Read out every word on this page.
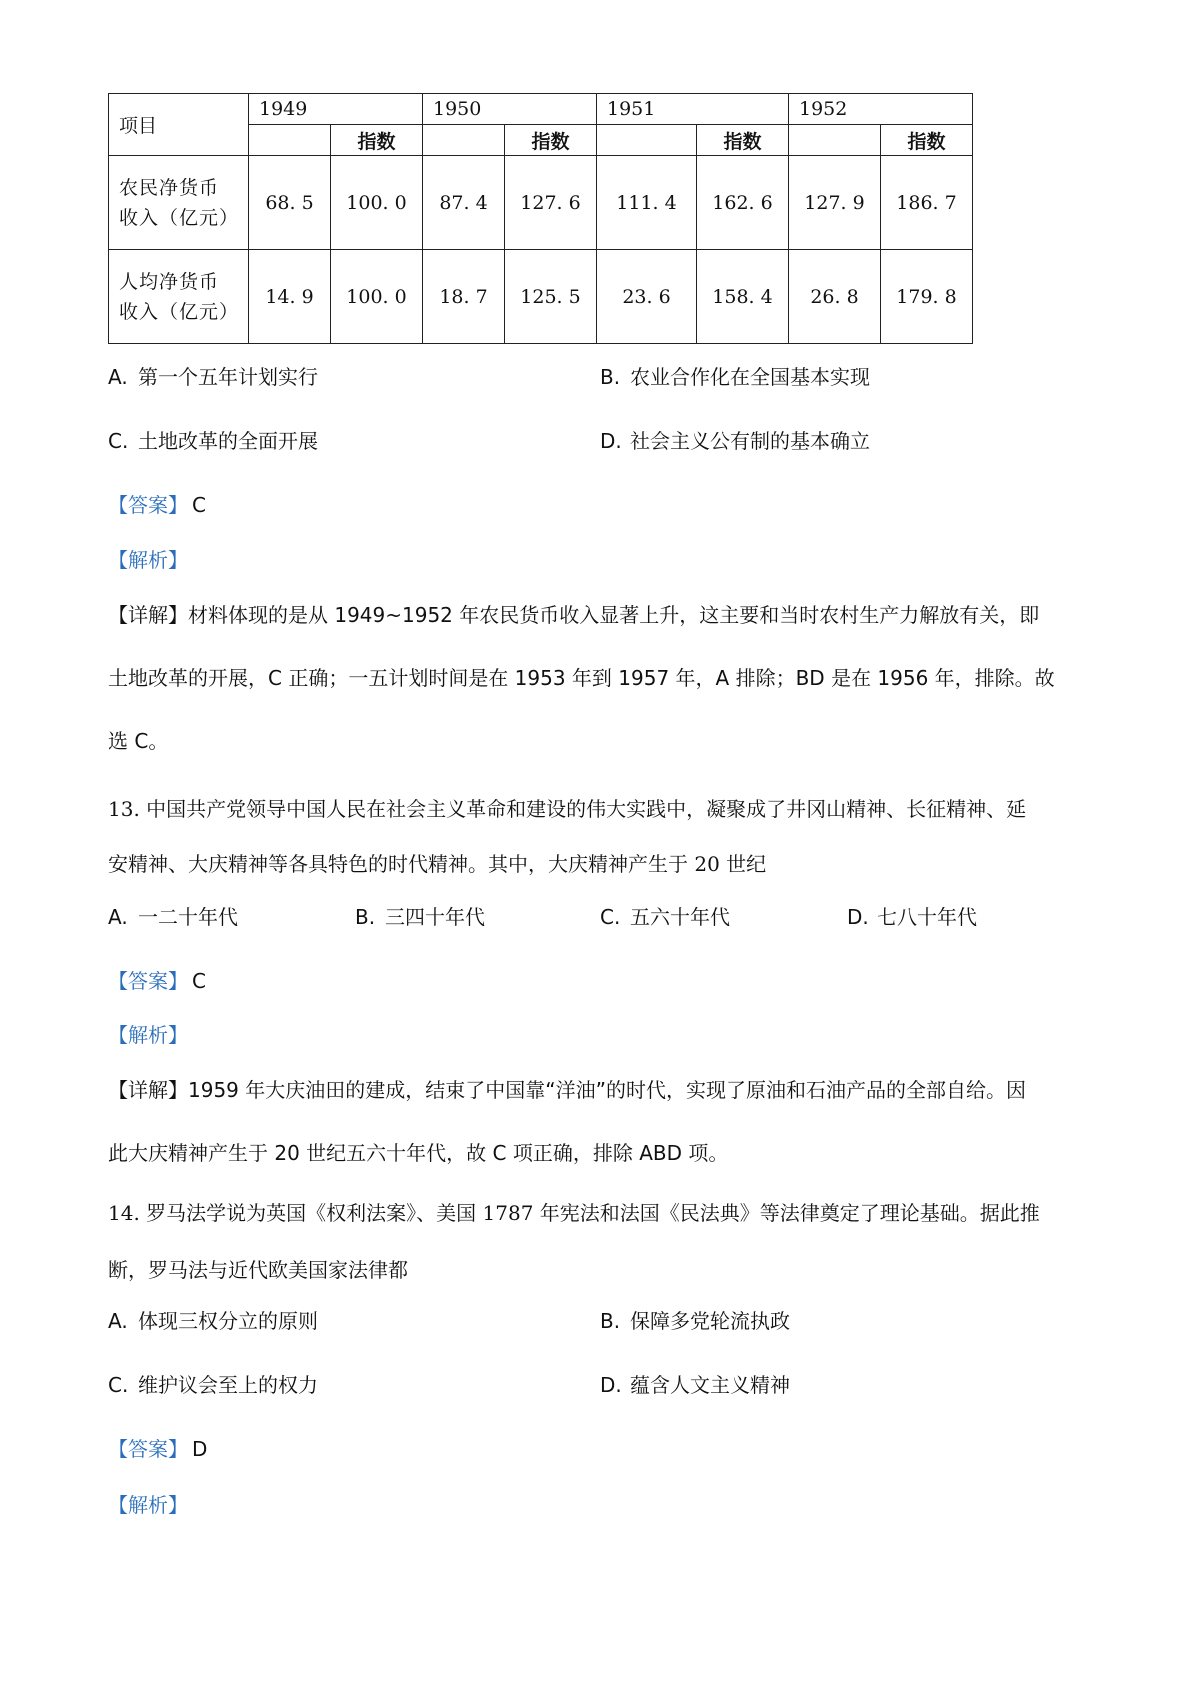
项目	1949		1950		1951		1952	
		指数		指数		指数		指数

农民净货币
收入（亿元）	68. 5	100. 0	87. 4	127. 6	111. 4	162. 6	127. 9	186. 7

人均净货币
收入（亿元）	14. 9	100. 0	18. 7	125. 5	23. 6	158. 4	26. 8	179. 8
A. 第一个五年计划实行	B. 农业合作化在全国基本实现
C. 土地改革的全面开展	D. 社会主义公有制的基本确立
【答案】 C
【解析】
【详解】材料体现的是从 1949~1952 年农民货币收入显著上升，这主要和当时农村生产力解放有关，即
土地改革的开展，C 正确；一五计划时间是在 1953 年到 1957 年，A 排除；BD 是在 1956 年，排除。故
选 C。
13. 中国共产党领导中国人民在社会主义革命和建设的伟大实践中，凝聚成了井冈山精神、长征精神、延
安精神、大庆精神等各具特色的时代精神。其中，大庆精神产生于 20 世纪
A. 一二十年代	B. 三四十年代	C. 五六十年代	D. 七八十年代
【答案】 C
【解析】
【详解】1959 年大庆油田的建成，结束了中国靠“洋油”的时代，实现了原油和石油产品的全部自给。因
此大庆精神产生于 20 世纪五六十年代，故 C 项正确，排除 ABD 项。
14. 罗马法学说为英国《权利法案》、美国 1787 年宪法和法国《民法典》等法律奠定了理论基础。据此推
断，罗马法与近代欧美国家法律都
A. 体现三权分立的原则	B. 保障多党轮流执政
C. 维护议会至上的权力	D. 蕴含人文主义精神
【答案】 D
【解析】
